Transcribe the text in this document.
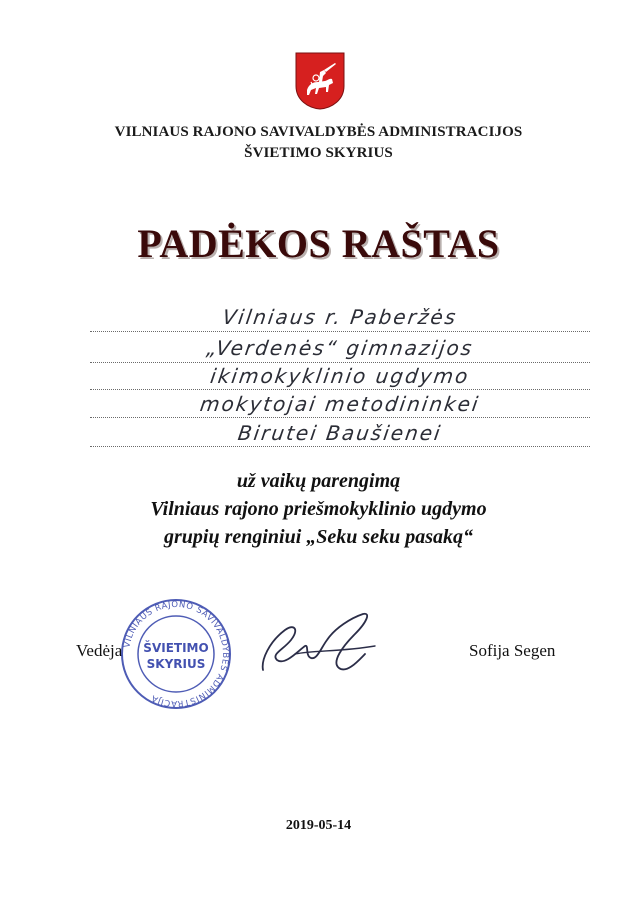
VILNIAUS RAJONO SAVIVALDYBĖS ADMINISTRACIJOS
ŠVIETIMO SKYRIUS
PADĖKOS RAŠTAS
Vilniaus r. Paberžės
„Verdenės“ gimnazijos
ikimokyklinio ugdymo
mokytojai metodininkei
Birutei Baušienei
už vaikų parengimą
Vilniaus rajono priešmokyklinio ugdymo
grupių renginiui „Seku seku pasaką“
Vedėja VILNIAUS RAJONO SAVIVALDYBĖS ADMINISTRACIJA
ŠVIETIMO
SKYRIUS
Sofija Segen
2019-05-14
